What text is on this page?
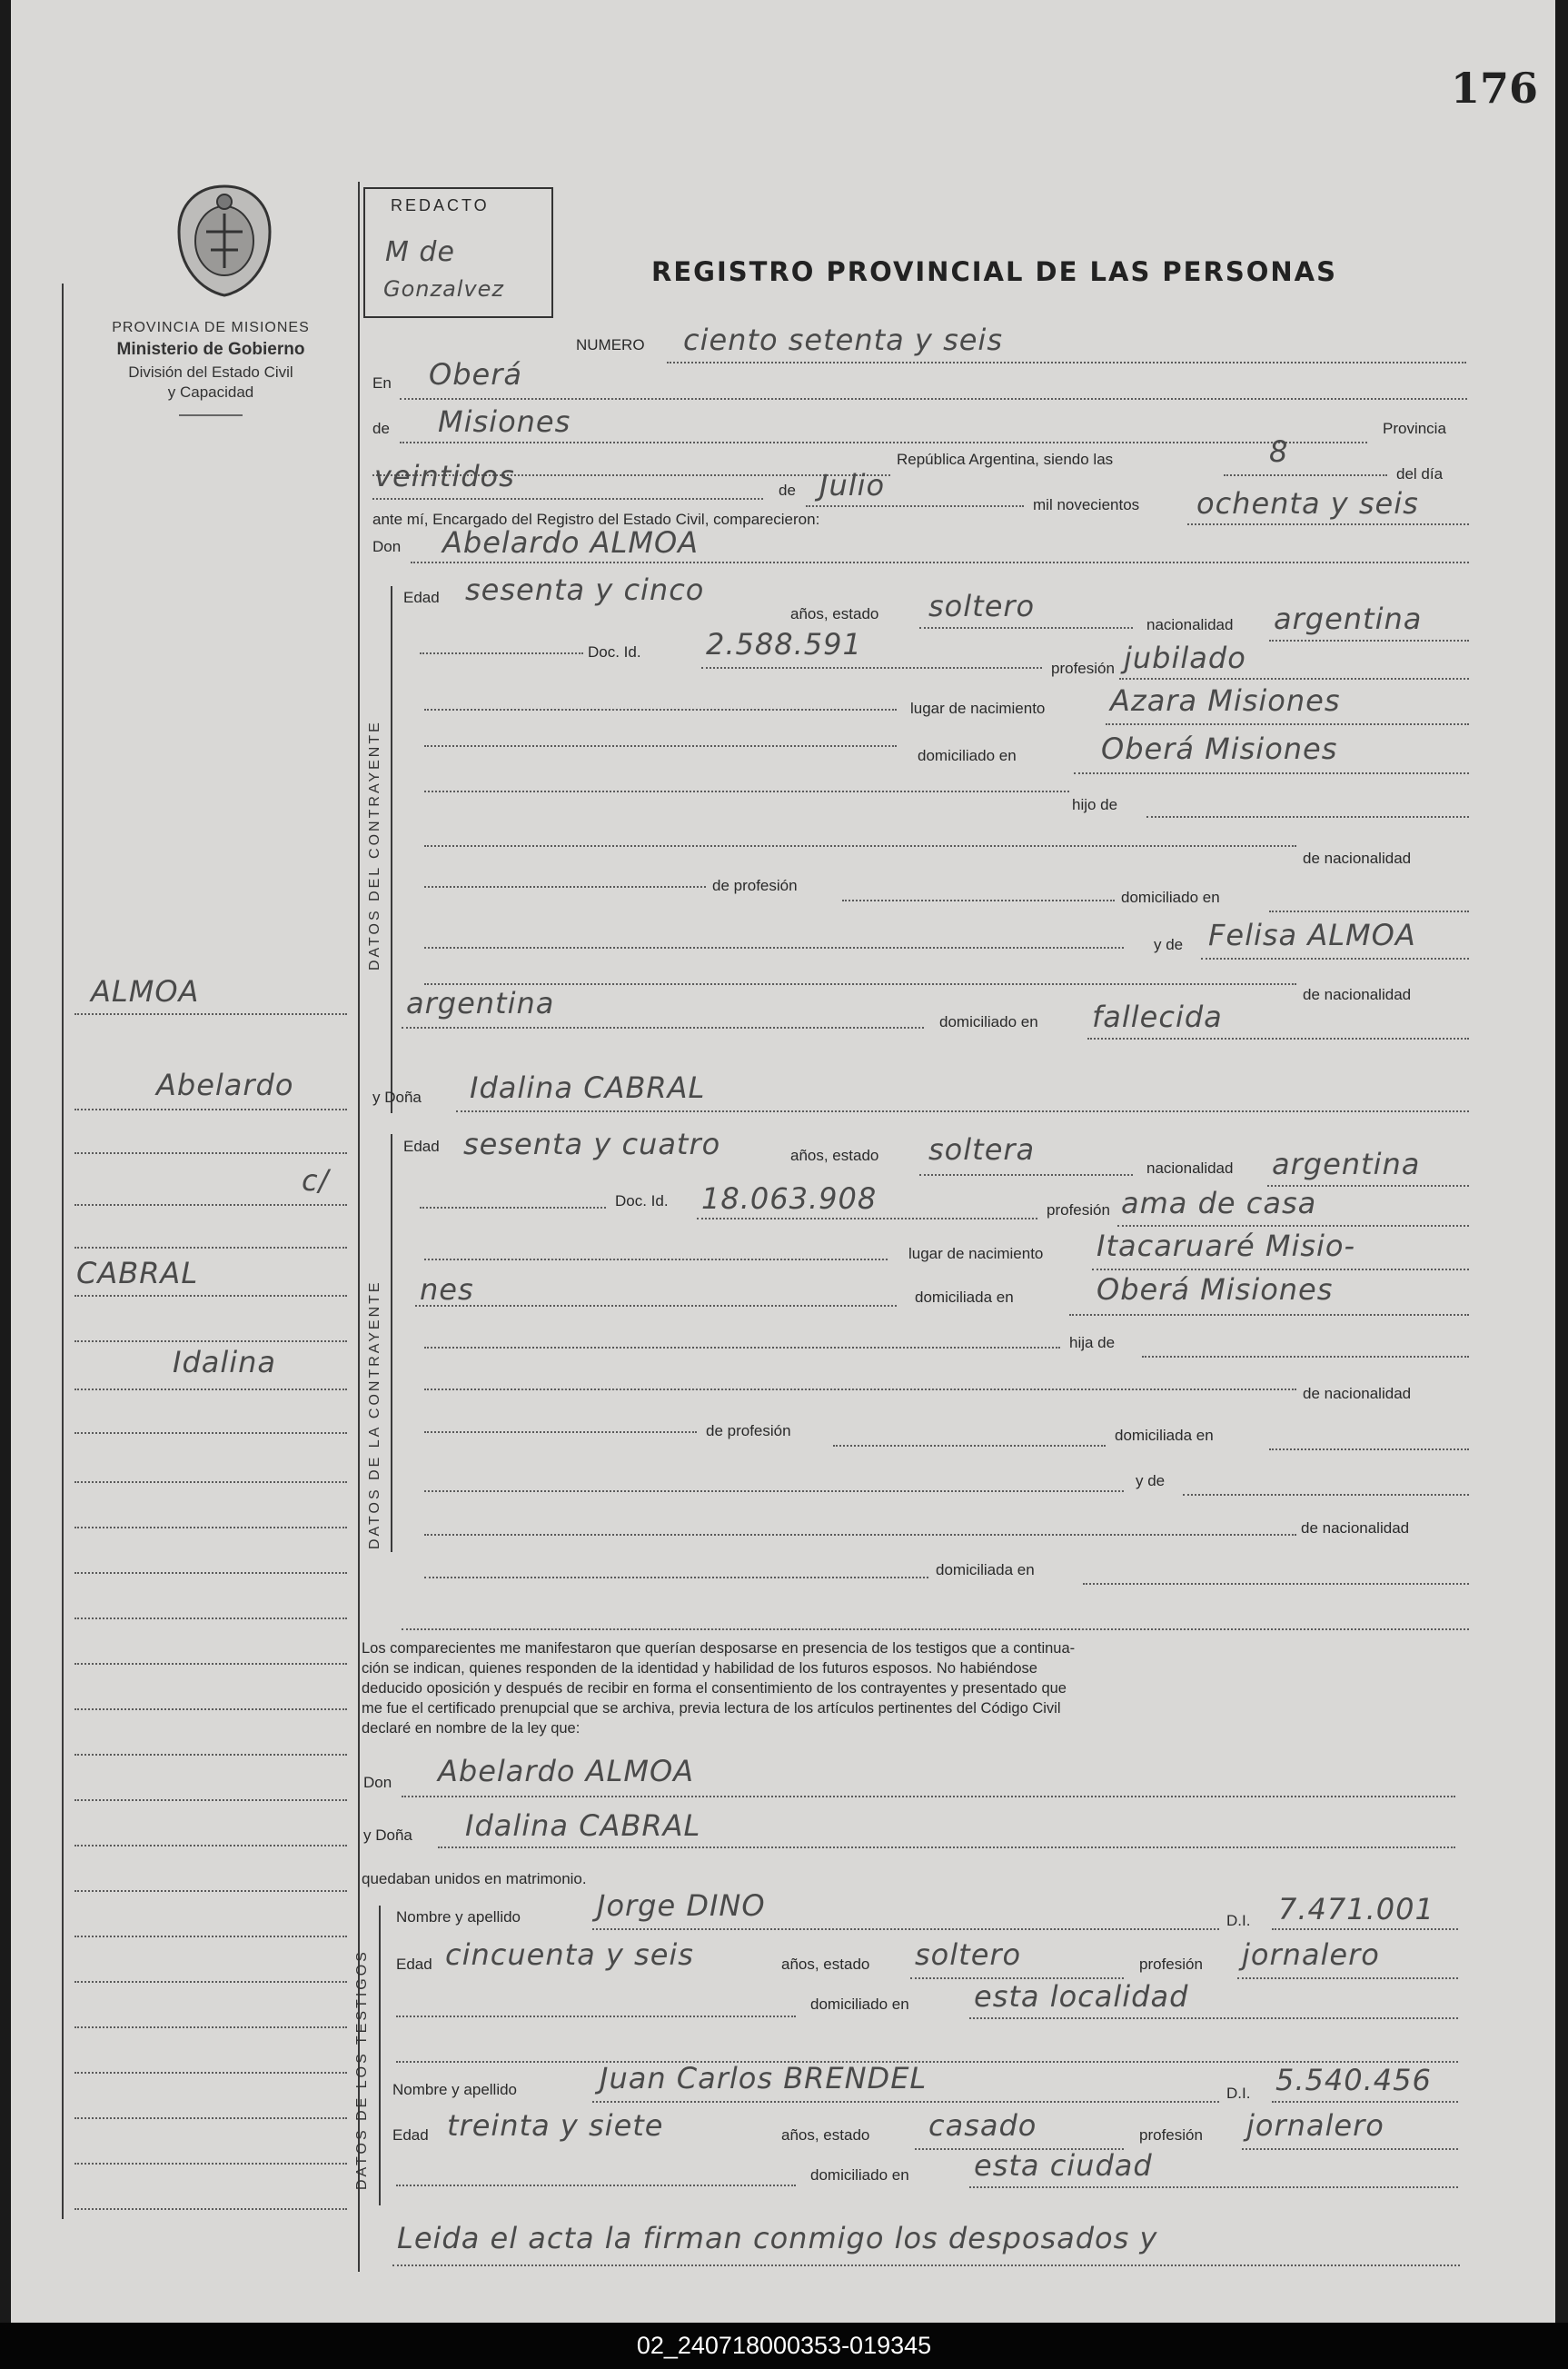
176
PROVINCIA DE MISIONES
Ministerio de Gobierno
División del Estado Civil
y Capacidad
REDACTO
M de
Gonzalvez
REGISTRO PROVINCIAL DE LAS PERSONAS
DATOS DEL CONTRAYENTE
DATOS DE LA CONTRAYENTE
DATOS DE LOS TESTIGOS
ALMOA
Abelardo
c/
CABRAL
Idalina
NUMERO ciento setenta y seis
En Oberá
de Misiones	Provincia
República Argentina, siendo las	8
del día
veintidos	de Julio
mil novecientos ochenta y seis
ante mí, Encargado del Registro del Estado Civil, comparecieron:
Don Abelardo ALMOA
Edad sesenta y cinco
años, estado soltero
nacionalidad argentina
Doc. Id. 2.588.591
profesión jubilado
lugar de nacimiento Azara Misiones
domiciliado en	Oberá Misiones
hijo de
de nacionalidad
de profesión
domiciliado en
y de Felisa ALMOA
de nacionalidad
argentina
domiciliado en fallecida
y Doña Idalina CABRAL
Edad sesenta y cuatro	años, estado soltera
nacionalidad argentina
Doc. Id. 18.063.908	profesión ama de casa
lugar de nacimiento Itacaruaré Misio-
nes	domiciliada en	Oberá Misiones
hija de
de nacionalidad
de profesión	domiciliada en
y de
de nacionalidad
domiciliada en
Los comparecientes me manifestaron que querían desposarse en presencia de los testigos que a continua-
ción se indican, quienes responden de la identidad y habilidad de los futuros esposos. No habiéndose
deducido oposición y después de recibir en forma el consentimiento de los contrayentes y presentado que
me fue el certificado prenupcial que se archiva, previa lectura de los artículos pertinentes del Código Civil
declaré en nombre de la ley que:
Don Abelardo ALMOA
y Doña Idalina CABRAL
quedaban unidos en matrimonio.
Nombre y apellido	Jorge DINO	D.I. 7.471.001
Edad cincuenta y seis	años, estado soltero	profesión jornalero
domiciliado en esta localidad
Nombre y apellido	Juan Carlos BRENDEL	D.I. 5.540.456
Edad treinta y siete	años, estado casado	profesión jornalero
domiciliado en esta ciudad
Leida el acta la firman conmigo los desposados y
02_240718000353-019345
